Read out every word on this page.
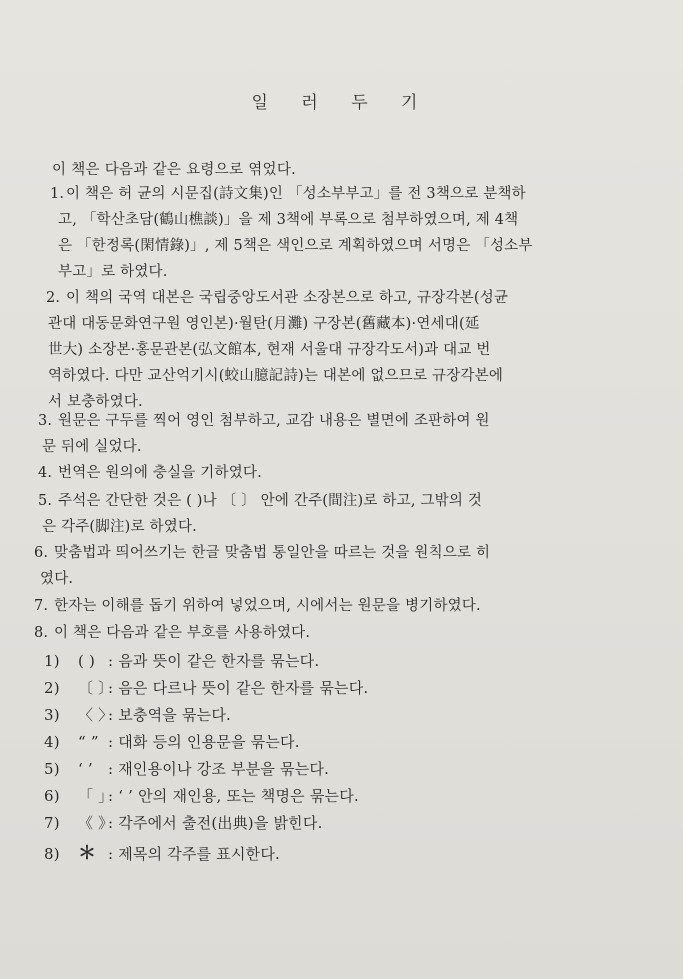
일 러 두 기
이 책은 다음과 같은 요령으로 엮었다.
1. 이 책은 허 균의 시문집(詩文集)인 「성소부부고」를 전 3책으로 분책하
고, 「학산초담(鶴山樵談)」을 제 3책에 부록으로 첨부하였으며, 제 4책
은 「한정록(閑情錄)」, 제 5책은 색인으로 계획하였으며 서명은 「성소부
부고」로 하였다.
2. 이 책의 국역 대본은 국립중앙도서관 소장본으로 하고, 규장각본(성균
관대 대동문화연구원 영인본)·월탄(月灘) 구장본(舊藏本)·연세대(延
世大) 소장본·홍문관본(弘文館本, 현재 서울대 규장각도서)과 대교 번
역하였다. 다만 교산억기시(蛟山臆記詩)는 대본에 없으므로 규장각본에
서 보충하였다.
3. 원문은 구두를 찍어 영인 첨부하고, 교감 내용은 별면에 조판하여 원
문 뒤에 실었다.
4. 번역은 원의에 충실을 기하였다.
5. 주석은 간단한 것은 ( )나 〔 〕 안에 간주(間注)로 하고, 그밖의 것
은 각주(脚注)로 하였다.
6. 맞춤법과 띄어쓰기는 한글 맞춤법 통일안을 따르는 것을 원칙으로 히
였다.
7. 한자는 이해를 돕기 위하여 넣었으며, 시에서는 원문을 병기하였다.
8. 이 책은 다음과 같은 부호를 사용하였다.
1) ( ) : 음과 뜻이 같은 한자를 묶는다.
2) 〔 〕: 음은 다르나 뜻이 같은 한자를 묶는다.
3) 〈 〉: 보충역을 묶는다.
4) “ ” : 대화 등의 인용문을 묶는다.
5) ‘ ’ : 재인용이나 강조 부분을 묶는다.
6) 「 」: ‘ ’ 안의 재인용, 또는 책명은 묶는다.
7) 《 》: 각주에서 출전(出典)을 밝힌다.
8) ＊ : 제목의 각주를 표시한다.
